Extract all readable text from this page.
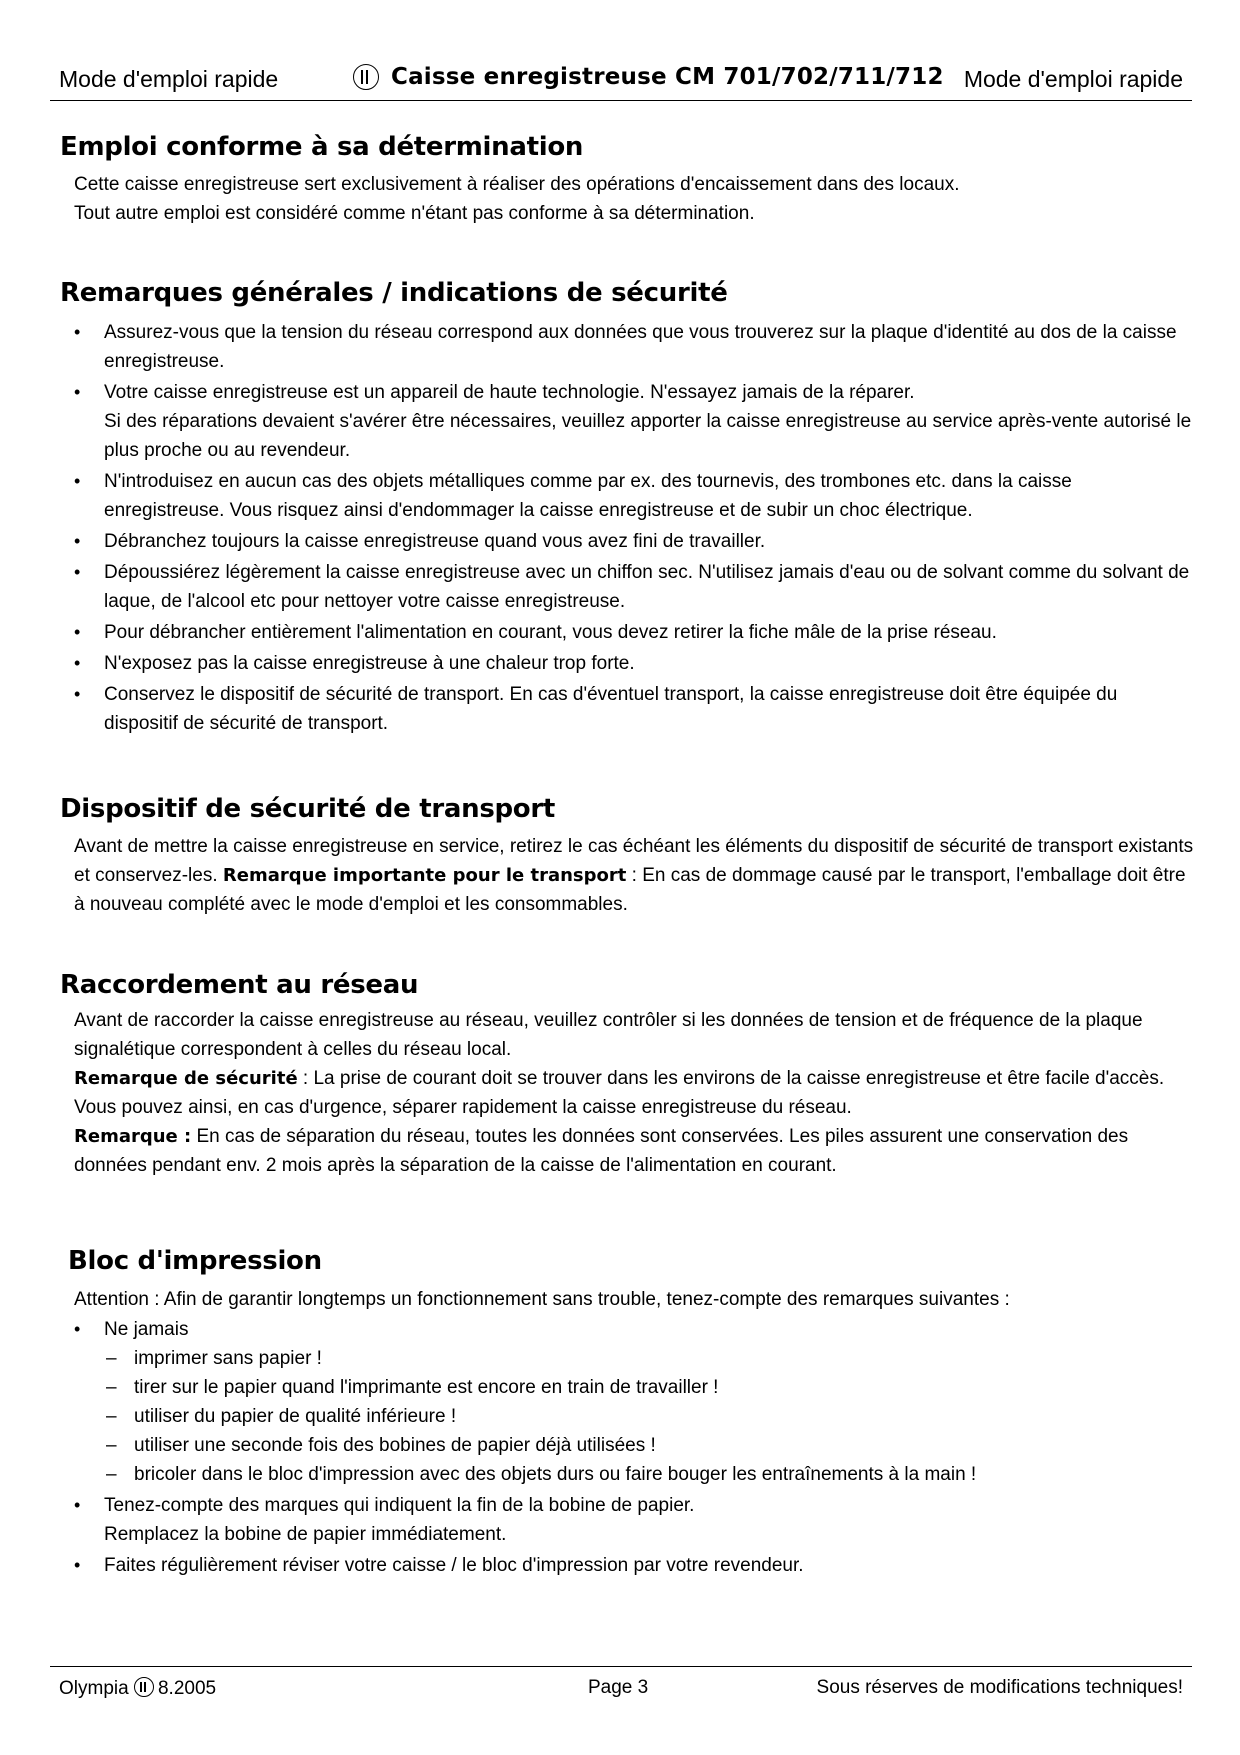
Mode d'emploi rapide	Caisse enregistreuse CM 701/702/711/712 Mode d'emploi rapide
Emploi conforme à sa détermination

Cette caisse enregistreuse sert exclusivement à réaliser des opérations d'encaissement dans des locaux.

Tout autre emploi est considéré comme n'étant pas conforme à sa détermination.

Remarques générales / indications de sécurité
• Assurez-vous que la tension du réseau correspond aux données que vous trouverez sur la plaque d'identité au dos de la caisse enregistreuse.
• Votre caisse enregistreuse est un appareil de haute technologie. N'essayez jamais de la réparer.
Si des réparations devaient s'avérer être nécessaires, veuillez apporter la caisse enregistreuse au service après-vente autorisé le plus proche ou au revendeur.
• N'introduisez en aucun cas des objets métalliques comme par ex. des tournevis, des trombones etc. dans la caisse enregistreuse. Vous risquez ainsi d'endommager la caisse enregistreuse et de subir un choc électrique.
• Débranchez toujours la caisse enregistreuse quand vous avez fini de travailler.
• Dépoussiérez légèrement la caisse enregistreuse avec un chiffon sec. N'utilisez jamais d'eau ou de solvant comme du solvant de laque, de l'alcool etc pour nettoyer votre caisse enregistreuse.
• Pour débrancher entièrement l'alimentation en courant, vous devez retirer la fiche mâle de la prise réseau.
• N'exposez pas la caisse enregistreuse à une chaleur trop forte.
• Conservez le dispositif de sécurité de transport. En cas d'éventuel transport, la caisse enregistreuse doit être équipée du dispositif de sécurité de transport.
Dispositif de sécurité de transport

Avant de mettre la caisse enregistreuse en service, retirez le cas échéant les éléments du dispositif de sécurité de transport existants et conservez-les. Remarque importante pour le transport : En cas de dommage causé par le transport, l'emballage doit être à nouveau complété avec le mode d'emploi et les consommables.

Raccordement au réseau

Avant de raccorder la caisse enregistreuse au réseau, veuillez contrôler si les données de tension et de fréquence de la plaque signalétique correspondent à celles du réseau local.

Remarque de sécurité : La prise de courant doit se trouver dans les environs de la caisse enregistreuse et être facile d'accès. Vous pouvez ainsi, en cas d'urgence, séparer rapidement la caisse enregistreuse du réseau.

Remarque : En cas de séparation du réseau, toutes les données sont conservées. Les piles assurent une conservation des données pendant env. 2 mois après la séparation de la caisse de l'alimentation en courant.

Bloc d'impression

Attention : Afin de garantir longtemps un fonctionnement sans trouble, tenez-compte des remarques suivantes :

• Ne jamais
– imprimer sans papier !
– tirer sur le papier quand l'imprimante est encore en train de travailler !
– utiliser du papier de qualité inférieure !
– utiliser une seconde fois des bobines de papier déjà utilisées !
– bricoler dans le bloc d'impression avec des objets durs ou faire bouger les entraînements à la main !
• Tenez-compte des marques qui indiquent la fin de la bobine de papier.
Remplacez la bobine de papier immédiatement.
• Faites régulièrement réviser votre caisse / le bloc d'impression par votre revendeur.
Olympia 8.2005	Page 3	Sous réserves de modifications techniques!
